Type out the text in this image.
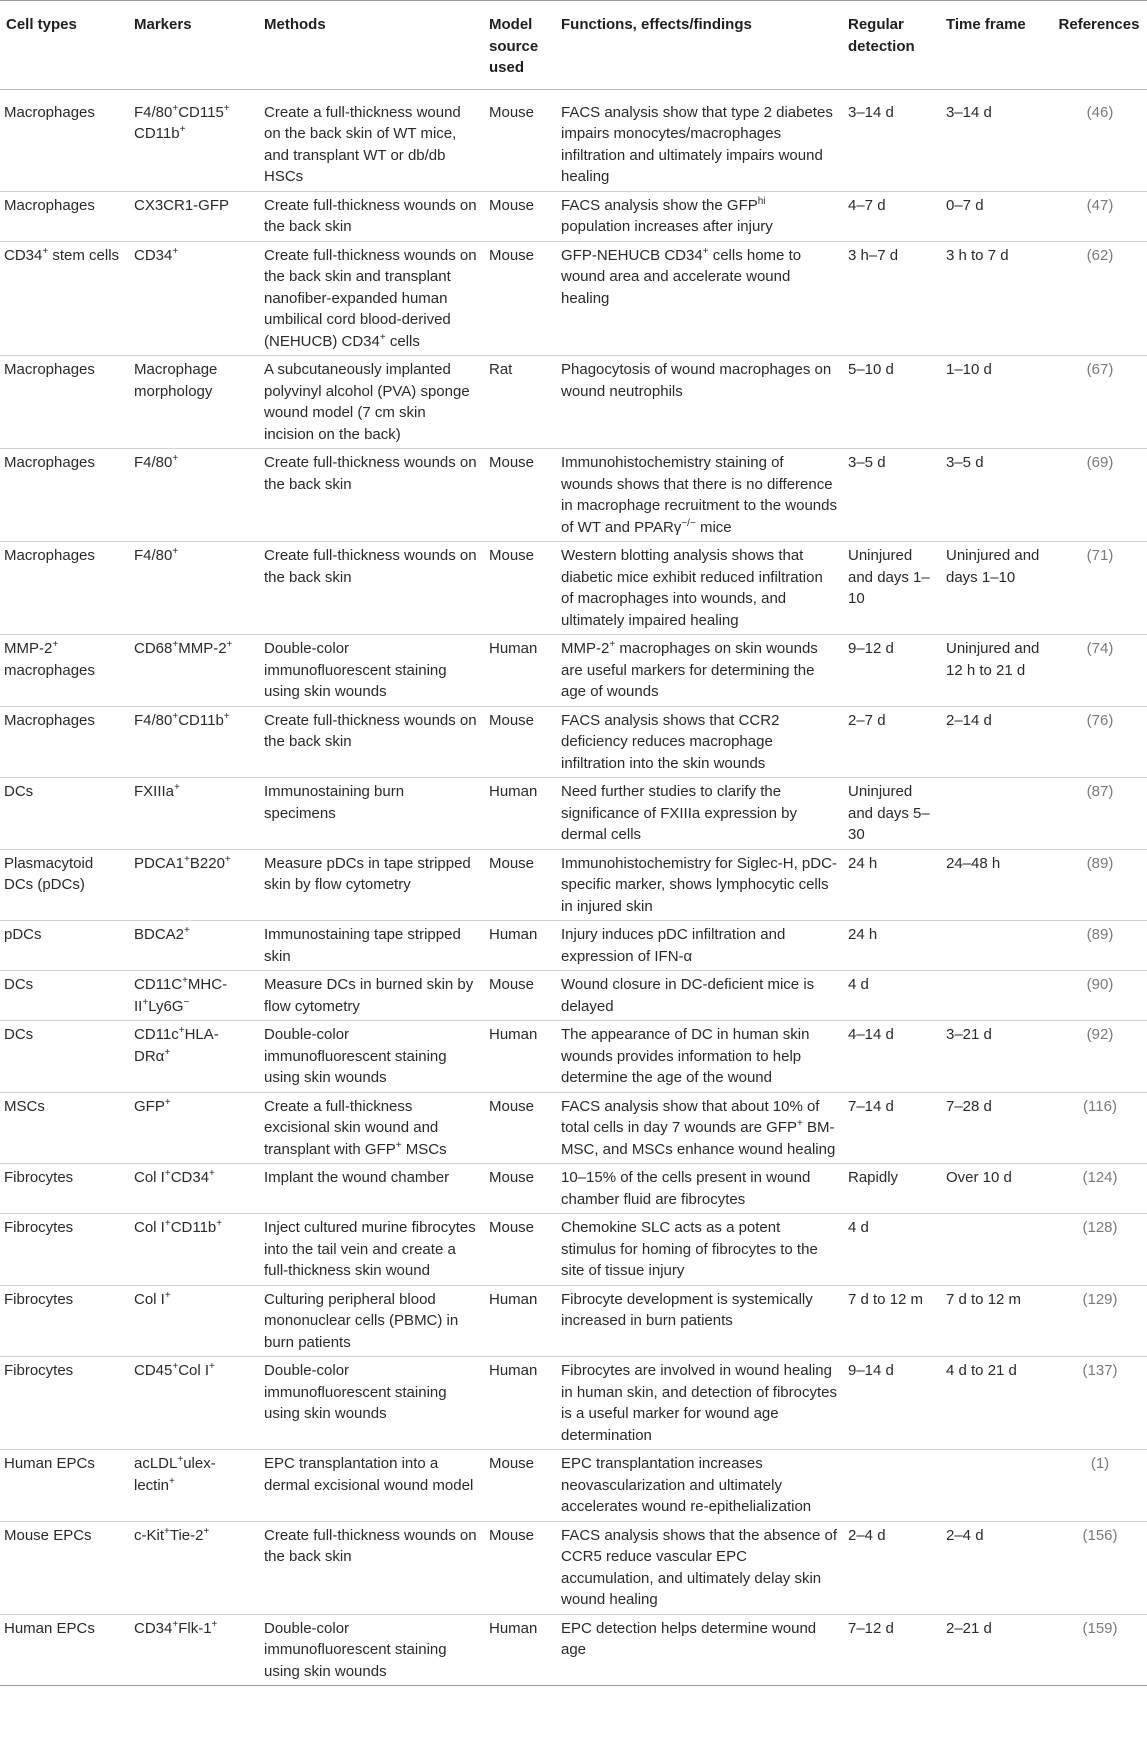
Cell types	Markers	Methods	Model source used	Functions, effects/findings	Regular detection	Time frame	References
Macrophages	F4/80+CD115+ CD11b+	Create a full-thickness wound on the back skin of WT mice, and transplant WT or db/db HSCs	Mouse	FACS analysis show that type 2 diabetes impairs monocytes/macrophages infiltration and ultimately impairs wound healing	3–14 d	3–14 d	(46)
Macrophages	CX3CR1-GFP	Create full-thickness wounds on the back skin	Mouse	FACS analysis show the $GFP^{hi}$ population increases after injury	4–7 d	0–7 d	(47)
CD34+ stem cells	CD34+	Create full-thickness wounds on the back skin and transplant nanofiber-expanded human umbilical cord blood-derived (NEHUCB) CD34+ cells	Mouse	GFP-NEHUCB CD34+ cells home to wound area and accelerate wound healing	3 h–7 d	3 h to 7 d	(62)
Macrophages	Macrophage morphology	A subcutaneously implanted polyvinyl alcohol (PVA) sponge wound model (7 cm skin incision on the back)	Rat	Phagocytosis of wound macrophages on wound neutrophils	5–10 d	1–10 d	(67)
Macrophages	F4/80+	Create full-thickness wounds on the back skin	Mouse	Immunohistochemistry staining of wounds shows that there is no difference in macrophage recruitment to the wounds of WT and PPARγ−/− mice	3–5 d	3–5 d	(69)
Macrophages	F4/80+	Create full-thickness wounds on the back skin	Mouse	Western blotting analysis shows that diabetic mice exhibit reduced infiltration of macrophages into wounds, and ultimately impaired healing	Uninjured and days 1–10	Uninjured and days 1–10	(71)
MMP-2+ macrophages	CD68+MMP-2+	Double-color immunofluorescent staining using skin wounds	Human	MMP-2+ macrophages on skin wounds are useful markers for determining the age of wounds	9–12 d	Uninjured and 12 h to 21 d	(74)
Macrophages	F4/80+CD11b+	Create full-thickness wounds on the back skin	Mouse	FACS analysis shows that CCR2 deficiency reduces macrophage infiltration into the skin wounds	2–7 d	2–14 d	(76)
DCs	FXIIIa+	Immunostaining burn specimens	Human	Need further studies to clarify the significance of FXIIIa expression by dermal cells	Uninjured and days 5–30		(87)
Plasmacytoid DCs (pDCs)	PDCA1+B220+	Measure pDCs in tape stripped skin by flow cytometry	Mouse	Immunohistochemistry for Siglec-H, pDC-specific marker, shows lymphocytic cells in injured skin	24 h	24–48 h	(89)
pDCs	BDCA2+	Immunostaining tape stripped skin	Human	Injury induces pDC infiltration and expression of IFN-α	24 h		(89)
DCs	CD11C+MHC-II+Ly6G−	Measure DCs in burned skin by flow cytometry	Mouse	Wound closure in DC-deficient mice is delayed	4 d		(90)
DCs	CD11c+HLA-DRα+	Double-color immunofluorescent staining using skin wounds	Human	The appearance of DC in human skin wounds provides information to help determine the age of the wound	4–14 d	3–21 d	(92)
MSCs	GFP+	Create a full-thickness excisional skin wound and transplant with GFP+ MSCs	Mouse	FACS analysis show that about 10% of total cells in day 7 wounds are GFP+ BM-MSC, and MSCs enhance wound healing	7–14 d	7–28 d	(116)
Fibrocytes	Col I+CD34+	Implant the wound chamber	Mouse	10–15% of the cells present in wound chamber fluid are fibrocytes	Rapidly	Over 10 d	(124)
Fibrocytes	Col I+CD11b+	Inject cultured murine fibrocytes into the tail vein and create a full-thickness skin wound	Mouse	Chemokine SLC acts as a potent stimulus for homing of fibrocytes to the site of tissue injury	4 d		(128)
Fibrocytes	Col I+	Culturing peripheral blood mononuclear cells (PBMC) in burn patients	Human	Fibrocyte development is systemically increased in burn patients	7 d to 12 m	7 d to 12 m	(129)
Fibrocytes	CD45+Col I+	Double-color immunofluorescent staining using skin wounds	Human	Fibrocytes are involved in wound healing in human skin, and detection of fibrocytes is a useful marker for wound age determination	9–14 d	4 d to 21 d	(137)
Human EPCs	acLDL+ulex-lectin+	EPC transplantation into a dermal excisional wound model	Mouse	EPC transplantation increases neovascularization and ultimately accelerates wound re-epithelialization			(1)
Mouse EPCs	c-Kit+Tie-2+	Create full-thickness wounds on the back skin	Mouse	FACS analysis shows that the absence of CCR5 reduce vascular EPC accumulation, and ultimately delay skin wound healing	2–4 d	2–4 d	(156)
Human EPCs	CD34+Flk-1+	Double-color immunofluorescent staining using skin wounds	Human	EPC detection helps determine wound age	7–12 d	2–21 d	(159)
